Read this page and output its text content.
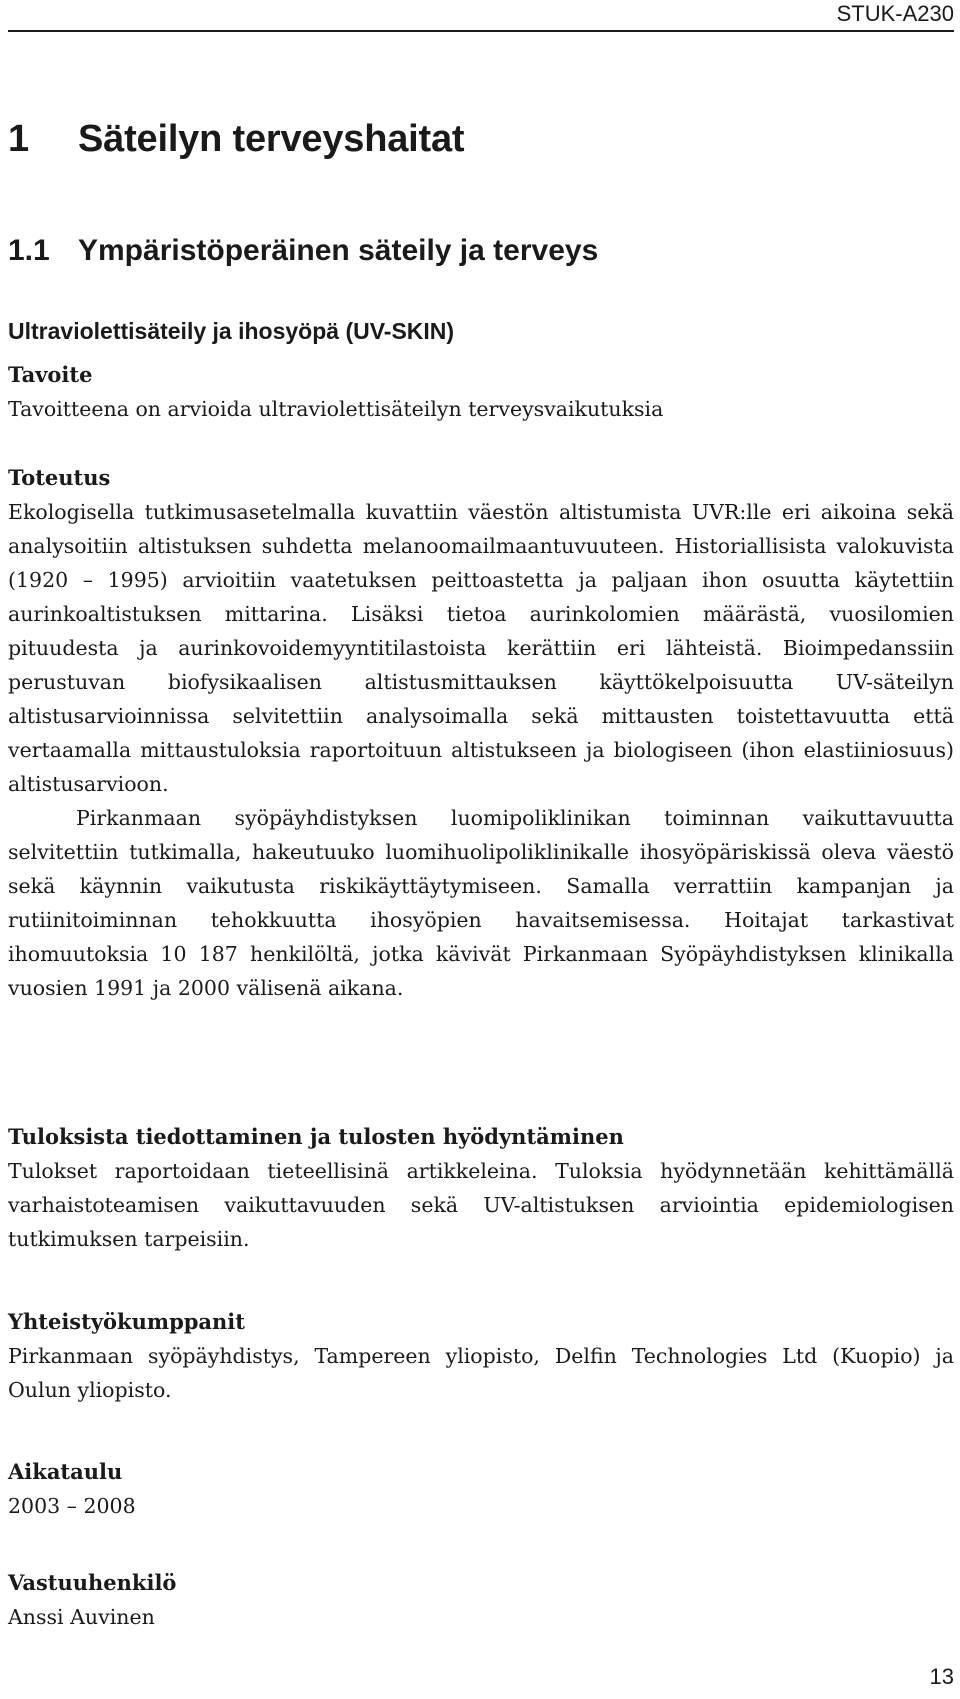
STUK-A230
1 Säteilyn terveyshaitat
1.1 Ympäristöperäinen säteily ja terveys
Ultraviolettisäteily ja ihosyöpä (UV-SKIN)

Tavoite

Tavoitteena on arvioida ultraviolettisäteilyn terveysvaikutuksia

Toteutus

Ekologisella tutkimusasetelmalla kuvattiin väestön altistumista UVR:lle eri aikoina sekä analysoitiin altistuksen suhdetta melanoomailmaantuvuuteen. Historiallisista valokuvista (1920 – 1995) arvioitiin vaatetuksen peittoastetta ja paljaan ihon osuutta käytettiin aurinkoaltistuksen mittarina. Lisäksi tietoa aurinkolomien määrästä, vuosilomien pituudesta ja aurinkovoidemyyntitilastoista kerättiin eri lähteistä. Bioimpedanssiin perustuvan biofysikaalisen altistusmittauksen käyttökelpoisuutta UV-säteilyn altistusarvioinnissa selvitettiin analysoimalla sekä mittausten toistettavuutta että vertaamalla mittaustuloksia raportoituun altistukseen ja biologiseen (ihon elastiiniosuus) altistusarvioon.

Pirkanmaan syöpäyhdistyksen luomipoliklinikan toiminnan vaikuttavuutta selvitettiin tutkimalla, hakeutuuko luomihuolipoliklinikalle ihosyöpäriskissä oleva väestö sekä käynnin vaikutusta riskikäyttäytymiseen. Samalla verrattiin kampanjan ja rutiinitoiminnan tehokkuutta ihosyöpien havaitsemisessa. Hoitajat tarkastivat ihomuutoksia 10 187 henkilöltä, jotka kävivät Pirkanmaan Syöpäyhdistyksen klinikalla vuosien 1991 ja 2000 välisenä aikana.

Tuloksista tiedottaminen ja tulosten hyödyntäminen

Tulokset raportoidaan tieteellisinä artikkeleina. Tuloksia hyödynnetään kehittämällä varhaistoteamisen vaikuttavuuden sekä UV-altistuksen arviointia epidemiologisen tutkimuksen tarpeisiin.

Yhteistyökumppanit

Pirkanmaan syöpäyhdistys, Tampereen yliopisto, Delfin Technologies Ltd (Kuopio) ja Oulun yliopisto.

Aikataulu

2003 – 2008

Vastuuhenkilö

Anssi Auvinen

13
